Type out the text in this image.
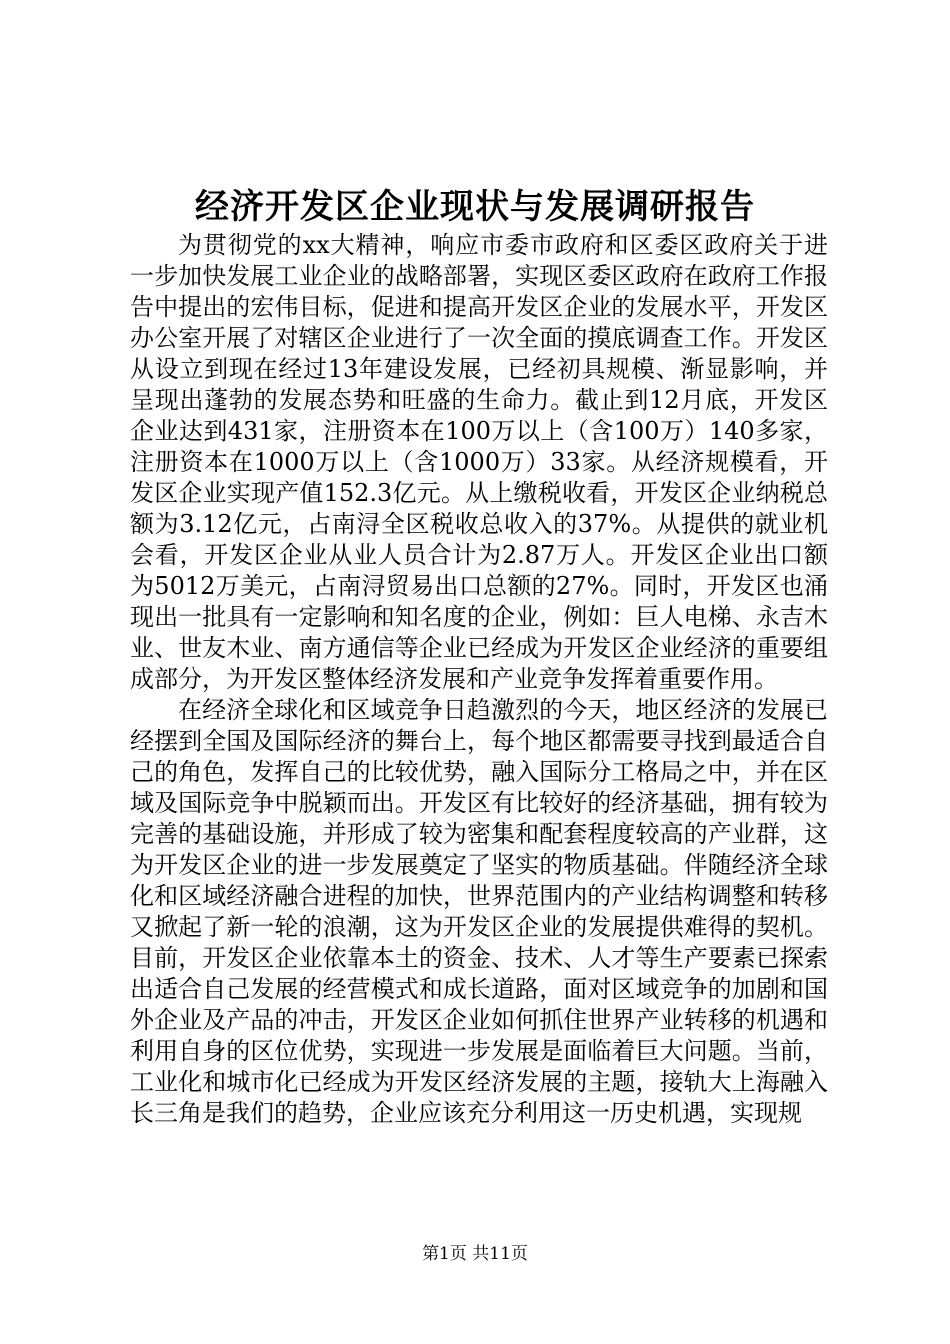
经济开发区企业现状与发展调研报告

为贯彻党的xx大精神，响应市委市政府和区委区政府关于进一步加快发展工业企业的战略部署，实现区委区政府在政府工作报告中提出的宏伟目标，促进和提高开发区企业的发展水平，开发区办公室开展了对辖区企业进行了一次全面的摸底调查工作。开发区从设立到现在经过13年建设发展，已经初具规模、渐显影响，并呈现出蓬勃的发展态势和旺盛的生命力。截止到12月底，开发区企业达到431家，注册资本在100万以上（含100万）140多家，注册资本在1000万以上（含1000万）33家。从经济规模看，开发区企业实现产值152.3亿元。从上缴税收看，开发区企业纳税总额为3.12亿元，占南浔全区税收总收入的37%。从提供的就业机会看，开发区企业从业人员合计为2.87万人。开发区企业出口额为5012万美元，占南浔贸易出口总额的27%。同时，开发区也涌现出一批具有一定影响和知名度的企业，例如：巨人电梯、永吉木业、世友木业、南方通信等企业已经成为开发区企业经济的重要组成部分，为开发区整体经济发展和产业竞争发挥着重要作用。

在经济全球化和区域竞争日趋激烈的今天，地区经济的发展已经摆到全国及国际经济的舞台上，每个地区都需要寻找到最适合自己的角色，发挥自己的比较优势，融入国际分工格局之中，并在区域及国际竞争中脱颖而出。开发区有比较好的经济基础，拥有较为完善的基础设施，并形成了较为密集和配套程度较高的产业群，这为开发区企业的进一步发展奠定了坚实的物质基础。伴随经济全球化和区域经济融合进程的加快，世界范围内的产业结构调整和转移又掀起了新一轮的浪潮，这为开发区企业的发展提供难得的契机。目前，开发区企业依靠本土的资金、技术、人才等生产要素已探索出适合自己发展的经营模式和成长道路，面对区域竞争的加剧和国外企业及产品的冲击，开发区企业如何抓住世界产业转移的机遇和利用自身的区位优势，实现进一步发展是面临着巨大问题。当前，工业化和城市化已经成为开发区经济发展的主题，接轨大上海融入长三角是我们的趋势，企业应该充分利用这一历史机遇，实现规

第1页 共11页
